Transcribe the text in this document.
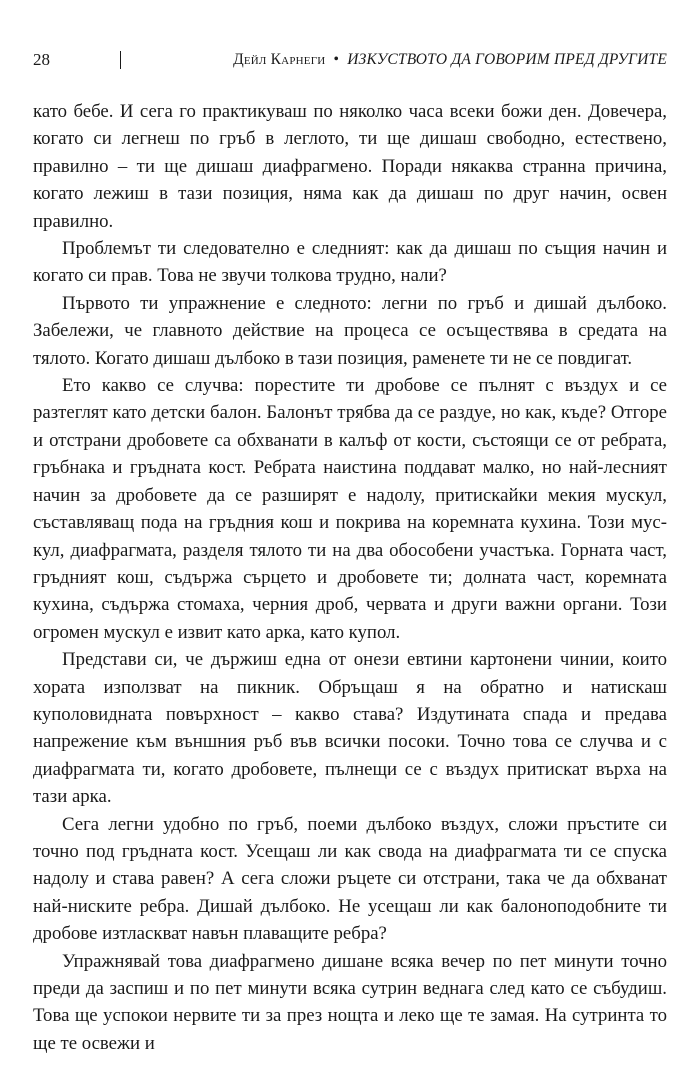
28	Дейл Карнеги • ИЗКУСТВОТО ДА ГОВОРИМ ПРЕД ДРУГИТЕ

като бебе. И сега го практикуваш по няколко часа всеки божи ден. Довечера, когато си легнеш по гръб в леглото, ти ще дишаш свободно, естествено, правилно – ти ще дишаш диафрагмено. Поради някаква странна причина, когато лежиш в тази позиция, няма как да дишаш по друг начин, освен правилно.

Проблемът ти следователно е следният: как да дишаш по същия начин и когато си прав. Това не звучи толкова трудно, нали?

Първото ти упражнение е следното: легни по гръб и дишай дълбоко. Забележи, че главното действие на процеса се осъществява в средата на тялото. Когато дишаш дълбоко в тази позиция, раменете ти не се повдигат.

Ето какво се случва: порестите ти дробове се пълнят с въздух и се разтеглят като детски балон. Балонът трябва да се раздуе, но как, къде? Отгоре и отстрани дробовете са обхванати в калъф от кости, състоящи се от ребрата, гръбнака и гръдната кост. Ребрата наистина поддават малко, но най-лесният начин за дробовете да се разширят е надолу, притискайки мекия мускул, съставляващ пода на гръдния кош и покрива на коремната кухина. Този мускул, диафрагмата, разделя тялото ти на два обособени участъка. Горната част, гръдният кош, съдържа сърцето и дробовете ти; долната част, коремната кухина, съдържа стомаха, черния дроб, червата и други важни органи. Този огромен мускул е извит като арка, като купол.

Представи си, че държиш една от онези евтини картонени чинии, които хората използват на пикник. Обръщаш я на обратно и натискаш куполовидната повърхност – какво става? Издутината спада и предава напрежение към външния ръб във всички посоки. Точно това се случва и с диафрагмата ти, когато дробовете, пълнещи се с въздух притискат върха на тази арка.

Сега легни удобно по гръб, поеми дълбоко въздух, сложи пръстите си точно под гръдната кост. Усещаш ли как свода на диафрагмата ти се спуска надолу и става равен? А сега сложи ръцете си отстрани, така че да обхванат най-ниските ребра. Дишай дълбоко. Не усещаш ли как балоноподобните ти дробове изтласкват навън плаващите ребра?

Упражнявай това диафрагмено дишане всяка вечер по пет минути точно преди да заспиш и по пет минути всяка сутрин веднага след като се събудиш. Това ще успокои нервите ти за през нощта и леко ще те замая. На сутринта то ще те освежи и
